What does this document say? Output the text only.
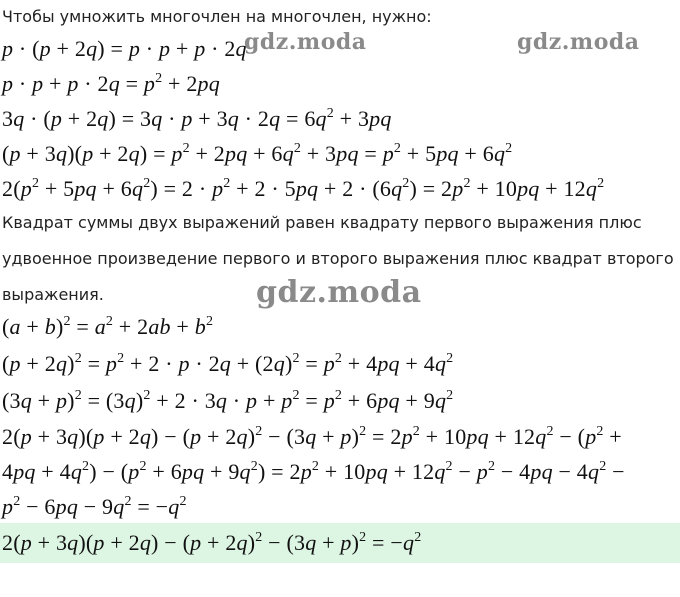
Чтобы умножить многочлен на многочлен, нужно:
p · (p + 2q) = p · p + p · 2q
$p \cdot p + p \cdot 2q = p^2 + 2pq$
$3q \cdot (p + 2q) = 3q \cdot p + 3q \cdot 2q = 6q^2 + 3pq$
$(p + 3q)(p + 2q) = p^2 + 2pq + 6q^2 + 3pq = p^2 + 5pq + 6q^2$
$2(p^2 + 5pq + 6q^2) = 2 \cdot p^2 + 2 \cdot 5pq + 2 \cdot (6q^2) = 2p^2 + 10pq + 12q^2$
Квадрат суммы двух выражений равен квадрату первого выражения плюс
удвоенное произведение первого и второго выражения плюс квадрат второго
выражения.
$(a + b)^2 = a^2 + 2ab + b^2$
$(p + 2q)^2 = p^2 + 2 \cdot p \cdot 2q + (2q)^2 = p^2 + 4pq + 4q^2$
$(3q + p)^2 = (3q)^2 + 2 \cdot 3q \cdot p + p^2 = p^2 + 6pq + 9q^2$
$2(p + 3q)(p + 2q) - (p + 2q)^2 - (3q + p)^2 = 2p^2 + 10pq + 12q^2 - (p^2$ +
$4pq + 4q^2) - (p^2 + 6pq + 9q^2) = 2p^2 + 10pq + 12q^2 - p^2 - 4pq - 4q^2$ −
$p^2 - 6pq - 9q^2 = -q^2$
$2(p + 3q)(p + 2q) - (p + 2q)^2 - (3q + p)^2 = -q^2$
gdz.moda	gdz.moda
gdz.moda
